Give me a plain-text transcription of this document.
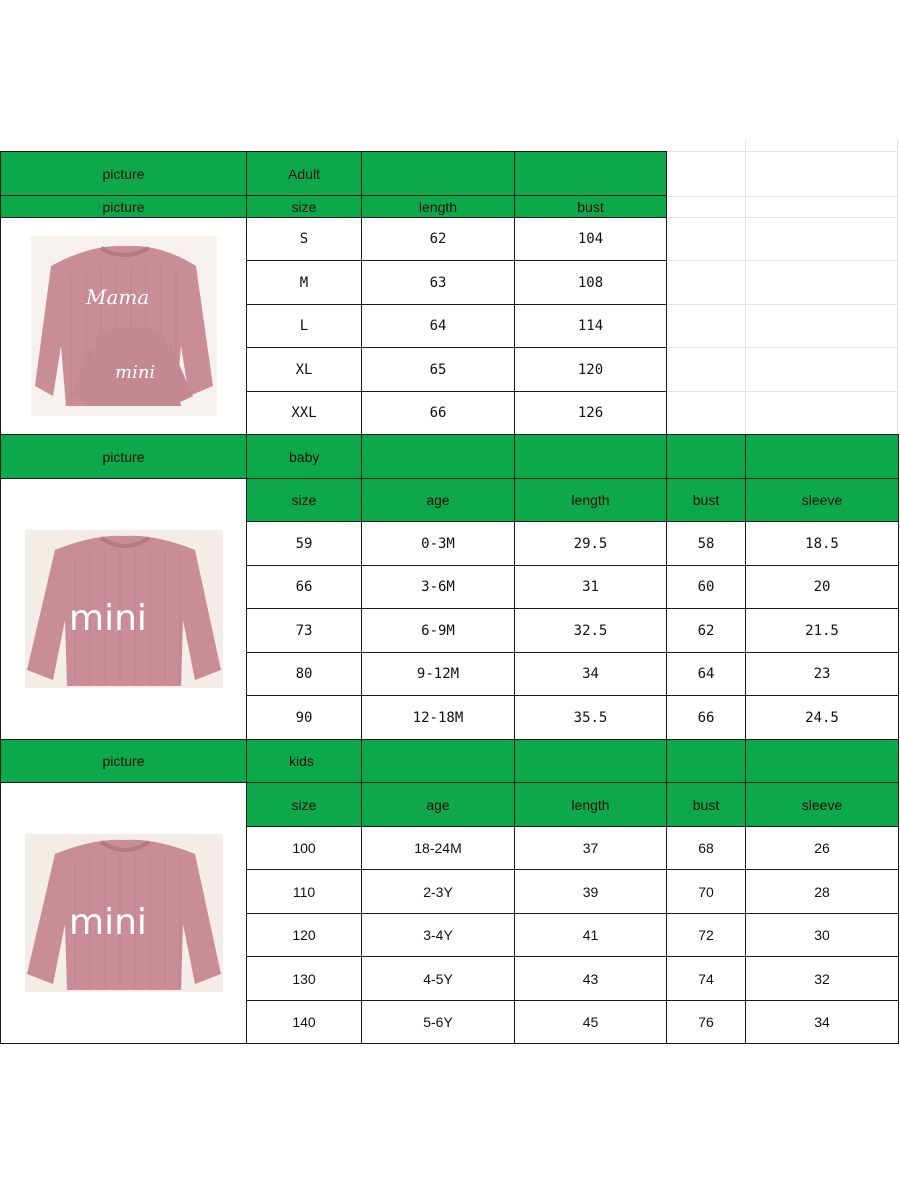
picture	Adult				
picture	size	length	bust		

Mama
mini	S	62	104		
	M	63	108		
	L	64	114		
	XL	65	120		
	XXL	66	126		
picture	baby				

mini	size	age	length	bust	sleeve
	59	0-3M	29.5	58	18.5
	66	3-6M	31	60	20
	73	6-9M	32.5	62	21.5
	80	9-12M	34	64	23
	90	12-18M	35.5	66	24.5
picture	kids				

mini	size	age	length	bust	sleeve
	100	18-24M	37	68	26
	110	2-3Y	39	70	28
	120	3-4Y	41	72	30
	130	4-5Y	43	74	32
	140	5-6Y	45	76	34
